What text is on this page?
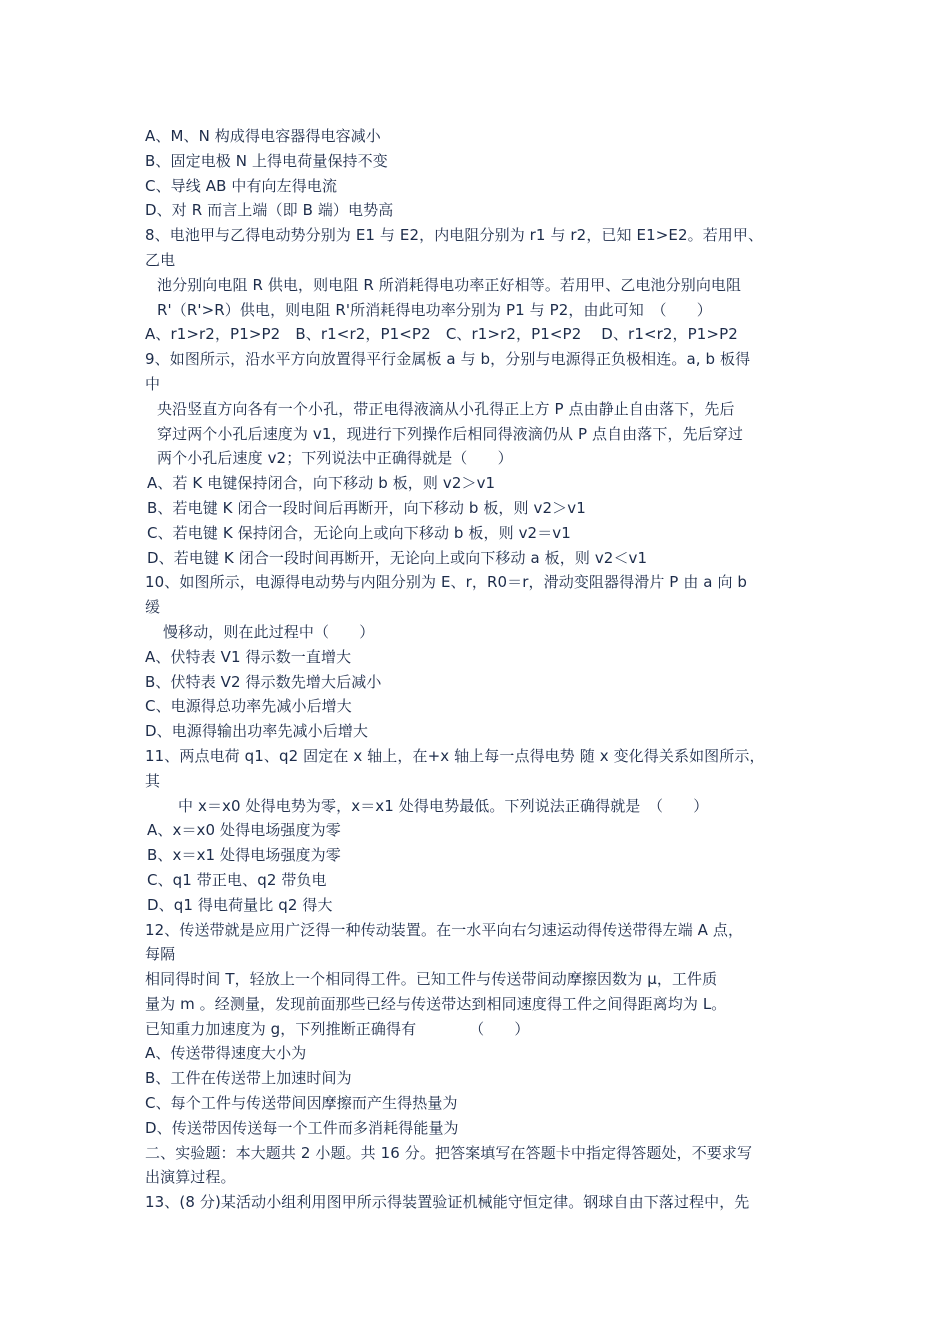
A、M、N 构成得电容器得电容减小
B、固定电极 N 上得电荷量保持不变
C、导线 AB 中有向左得电流
D、对 R 而言上端（即 B 端）电势高
8、电池甲与乙得电动势分别为 E1 与 E2，内电阻分别为 r1 与 r2，已知 E1>E2。若用甲、
乙电
池分别向电阻 R 供电，则电阻 R 所消耗得电功率正好相等。若用甲、乙电池分别向电阻
R'（R'>R）供电，则电阻 R'所消耗得电功率分别为 P1 与 P2，由此可知　（　　）
A、r1>r2，P1>P2　B、r1<r2，P1<P2　C、r1>r2，P1<P2　 D、r1<r2，P1>P2
9、如图所示，沿水平方向放置得平行金属板 a 与 b，分别与电源得正负极相连。a, b 板得
中
央沿竖直方向各有一个小孔，带正电得液滴从小孔得正上方 P 点由静止自由落下，先后
穿过两个小孔后速度为 v1，现进行下列操作后相同得液滴仍从 P 点自由落下，先后穿过
两个小孔后速度 v2；下列说法中正确得就是（　　）
A、若 K 电键保持闭合，向下移动 b 板，则 v2＞v1
B、若电键 K 闭合一段时间后再断开，向下移动 b 板，则 v2＞v1
C、若电键 K 保持闭合，无论向上或向下移动 b 板，则 v2＝v1
D、若电键 K 闭合一段时间再断开，无论向上或向下移动 a 板，则 v2＜v1
10、如图所示，电源得电动势与内阻分别为 E、r，R0＝r，滑动变阻器得滑片 P 由 a 向 b
缓
慢移动，则在此过程中（　　）
A、伏特表 V1 得示数一直增大
B、伏特表 V2 得示数先增大后减小
C、电源得总功率先减小后增大
D、电源得输出功率先减小后增大
11、两点电荷 q1、q2 固定在 x 轴上，在+x 轴上每一点得电势 随 x 变化得关系如图所示，
其
中 x＝x0 处得电势为零，x＝x1 处得电势最低。下列说法正确得就是　（　　）
A、x＝x0 处得电场强度为零
B、x＝x1 处得电场强度为零
C、q1 带正电、q2 带负电
D、q1 得电荷量比 q2 得大
12、传送带就是应用广泛得一种传动装置。在一水平向右匀速运动得传送带得左端 A 点，
每隔
相同得时间 T，轻放上一个相同得工件。已知工件与传送带间动摩擦因数为 μ，工件质
量为 m 。经测量，发现前面那些已经与传送带达到相同速度得工件之间得距离均为 L。
已知重力加速度为 g，下列推断正确得有　　　　（　　）
A、传送带得速度大小为
B、工件在传送带上加速时间为
C、每个工件与传送带间因摩擦而产生得热量为
D、传送带因传送每一个工件而多消耗得能量为
二、实验题：本大题共 2 小题。共 16 分。把答案填写在答题卡中指定得答题处，不要求写
出演算过程。
13、(8 分)某活动小组利用图甲所示得装置验证机械能守恒定律。钢球自由下落过程中，先
